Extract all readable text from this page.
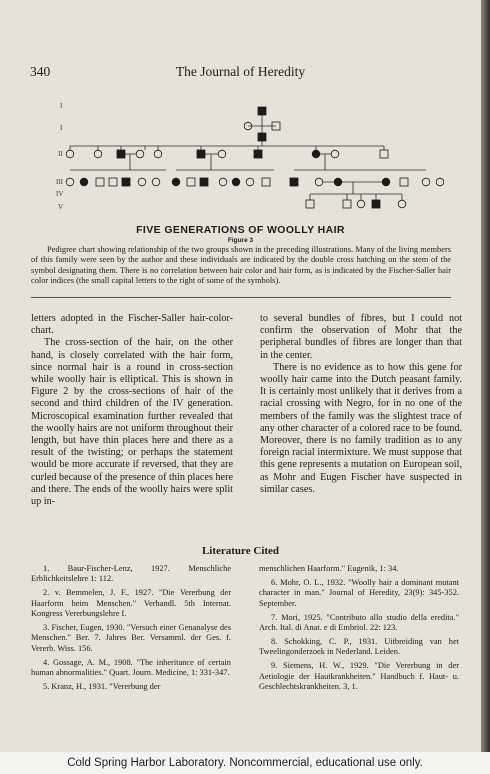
340	The Journal of Heredity
I
I
II
III
IV
V
FIVE GENERATIONS OF WOOLLY HAIR
Figure 3
Pedigree chart showing relationship of the two groups shown in the preceding illustrations. Many of the living members of this family were seen by the author and these individuals are indicated by the double cross hatching on the stem of the symbol designating them. There is no correlation between hair color and hair form, as is indicated by the Fischer-Saller hair color indices (the small capital letters to the right of some of the symbols).

letters adopted in the Fischer-Saller hair-color-chart.

The cross-section of the hair, on the other hand, is closely correlated with the hair form, since normal hair is a round in cross-section while woolly hair is elliptical. This is shown in Figure 2 by the cross-sections of hair of the second and third children of the IV generation. Microscopical examination further revealed that the woolly hairs are not uniform throughout their length, but have thin places here and there as a result of the twisting; or perhaps the statement would be more accurate if reversed, that they are curled because of the presence of thin places here and there. The ends of the woolly hairs were split up in-

to several bundles of fibres, but I could not confirm the observation of Mohr that the peripheral bundles of fibres are longer than that in the center.

There is no evidence as to how this gene for woolly hair came into the Dutch peasant family. It is certainly most unlikely that it derives from a racial crossing with Negro, for in no one of the members of the family was the slightest trace of any other character of a colored race to be found. Moreover, there is no family tradition as to any foreign racial intermixture. We must suppose that this gene represents a mutation on European soil, as Mohr and Eugen Fischer have suspected in similar cases.

Literature Cited

1. Baur-Fischer-Lenz, 1927. Menschliche Erblichkeitslehre 1: 112.

2. v. Bemmelen, J. F., 1927. "Die Vererbung der Haarform beim Menschen." Verhandl. 5th Internat. Kongress Vererbungslehre I.

3. Fischer, Eugen, 1930. "Versuch einer Genanalyse des Menschen." Ber. 7. Jahres Ber. Versamml. der Ges. f. Vererb. Wiss. 156.

4. Gossage, A. M., 1908. "The inheritance of certain human abnormalities." Quart. Journ. Medicine, 1: 331-347.

5. Kranz, H., 1931. "Vererbung der

menschlichen Haarform." Eugenik, 1: 34.

6. Mohr, O. L., 1932. "Woolly hair a dominant mutant character in man." Journal of Heredity, 23(9): 345-352. September.

7. Mori, 1925. "Contributo allo studio della eredita." Arch. Ital. di Anat. e di Embriol. 22: 123.

8. Schokking, C. P., 1931. Uitbreiding van het Tweelingonderzoek in Nederland. Leiden.

9. Siemens, H. W., 1929. "Die Vererbung in der Aetiologie der Hautkrankheiten." Handbuch f. Haut- u. Geschlechtskrankheiten. 3, 1.

Cold Spring Harbor Laboratory. Noncommercial, educational use only.
